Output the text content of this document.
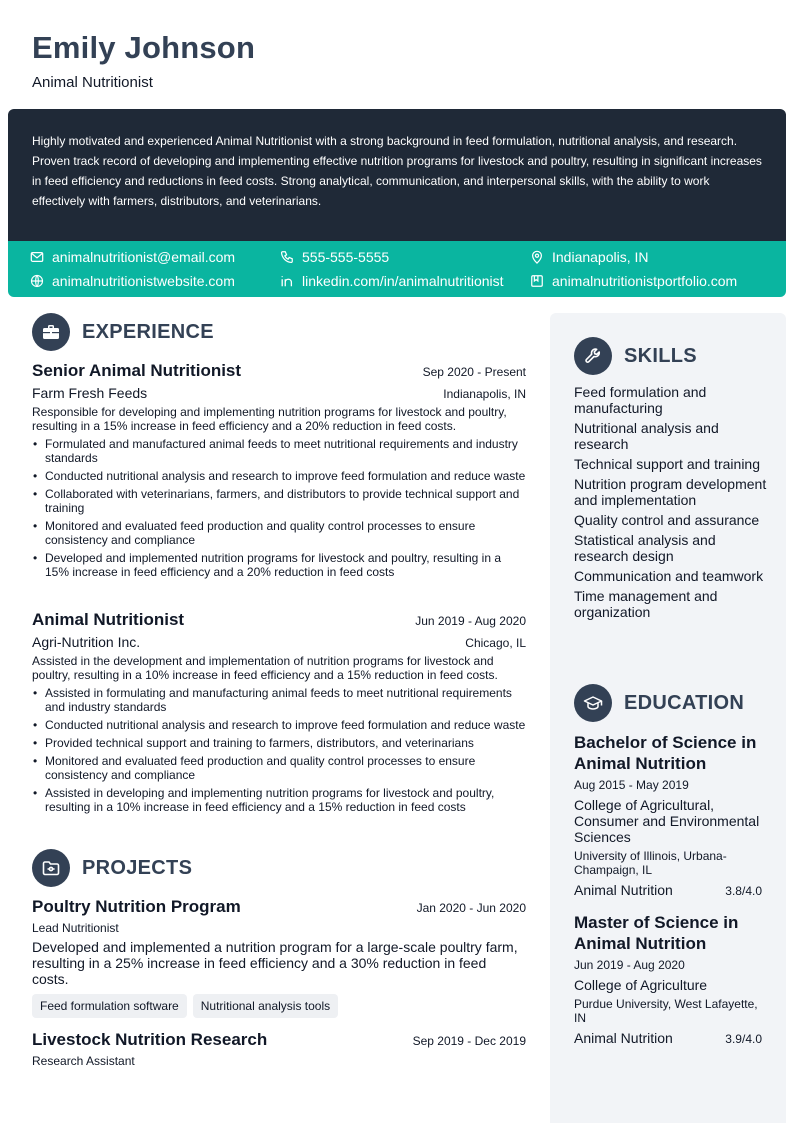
Emily Johnson
Animal Nutritionist

Highly motivated and experienced Animal Nutritionist with a strong background in feed formulation, nutritional analysis, and research. Proven track record of developing and implementing effective nutrition programs for livestock and poultry, resulting in significant increases in feed efficiency and reductions in feed costs. Strong analytical, communication, and interpersonal skills, with the ability to work effectively with farmers, distributors, and veterinarians.

animalnutritionist@email.com	555-555-5555	Indianapolis, IN
animalnutritionistwebsite.com	linkedin.com/in/animalnutritionist	animalnutritionistportfolio.com
EXPERIENCE
Senior Animal Nutritionist	Sep 2020 - Present
Farm Fresh Feeds	Indianapolis, IN
Responsible for developing and implementing nutrition programs for livestock and poultry, resulting in a 15% increase in feed efficiency and a 20% reduction in feed costs.
• Formulated and manufactured animal feeds to meet nutritional requirements and industry standards
• Conducted nutritional analysis and research to improve feed formulation and reduce waste
• Collaborated with veterinarians, farmers, and distributors to provide technical support and training
• Monitored and evaluated feed production and quality control processes to ensure consistency and compliance
• Developed and implemented nutrition programs for livestock and poultry, resulting in a 15% increase in feed efficiency and a 20% reduction in feed costs
Animal Nutritionist	Jun 2019 - Aug 2020
Agri-Nutrition Inc.	Chicago, IL
Assisted in the development and implementation of nutrition programs for livestock and poultry, resulting in a 10% increase in feed efficiency and a 15% reduction in feed costs.
• Assisted in formulating and manufacturing animal feeds to meet nutritional requirements and industry standards
• Conducted nutritional analysis and research to improve feed formulation and reduce waste
• Provided technical support and training to farmers, distributors, and veterinarians
• Monitored and evaluated feed production and quality control processes to ensure consistency and compliance
• Assisted in developing and implementing nutrition programs for livestock and poultry, resulting in a 10% increase in feed efficiency and a 15% reduction in feed costs
PROJECTS
Poultry Nutrition Program	Jan 2020 - Jun 2020
Lead Nutritionist
Developed and implemented a nutrition program for a large-scale poultry farm, resulting in a 25% increase in feed efficiency and a 30% reduction in feed costs.
Feed formulation software	Nutritional analysis tools
Livestock Nutrition Research	Sep 2019 - Dec 2019
Research Assistant
SKILLS
Feed formulation and manufacturing
Nutritional analysis and research
Technical support and training
Nutrition program development and implementation
Quality control and assurance
Statistical analysis and research design
Communication and teamwork
Time management and organization
EDUCATION
Bachelor of Science in Animal Nutrition
Aug 2015 - May 2019
College of Agricultural, Consumer and Environmental Sciences
University of Illinois, Urbana-Champaign, IL
Animal Nutrition	3.8/4.0
Master of Science in Animal Nutrition
Jun 2019 - Aug 2020
College of Agriculture
Purdue University, West Lafayette, IN
Animal Nutrition	3.9/4.0
